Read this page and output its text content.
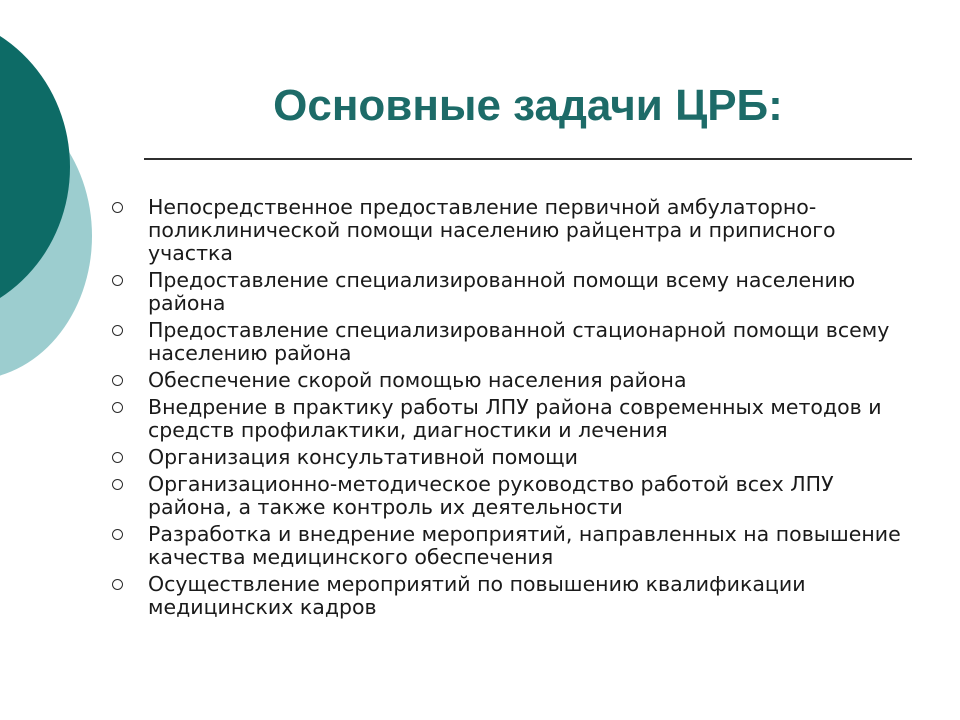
Основные задачи ЦРБ:
Непосредственное предоставление первичной амбулаторно-поликлинической помощи населению райцентра и приписного участка
Предоставление специализированной помощи всему населению района
Предоставление специализированной стационарной помощи всему населению района
Обеспечение скорой помощью населения района
Внедрение в практику работы ЛПУ района современных методов и средств профилактики, диагностики и лечения
Организация консультативной помощи
Организационно-методическое руководство работой всех ЛПУ района, а также контроль их деятельности
Разработка и внедрение мероприятий, направленных на повышение качества медицинского обеспечения
Осуществление мероприятий по повышению квалификации медицинских кадров
